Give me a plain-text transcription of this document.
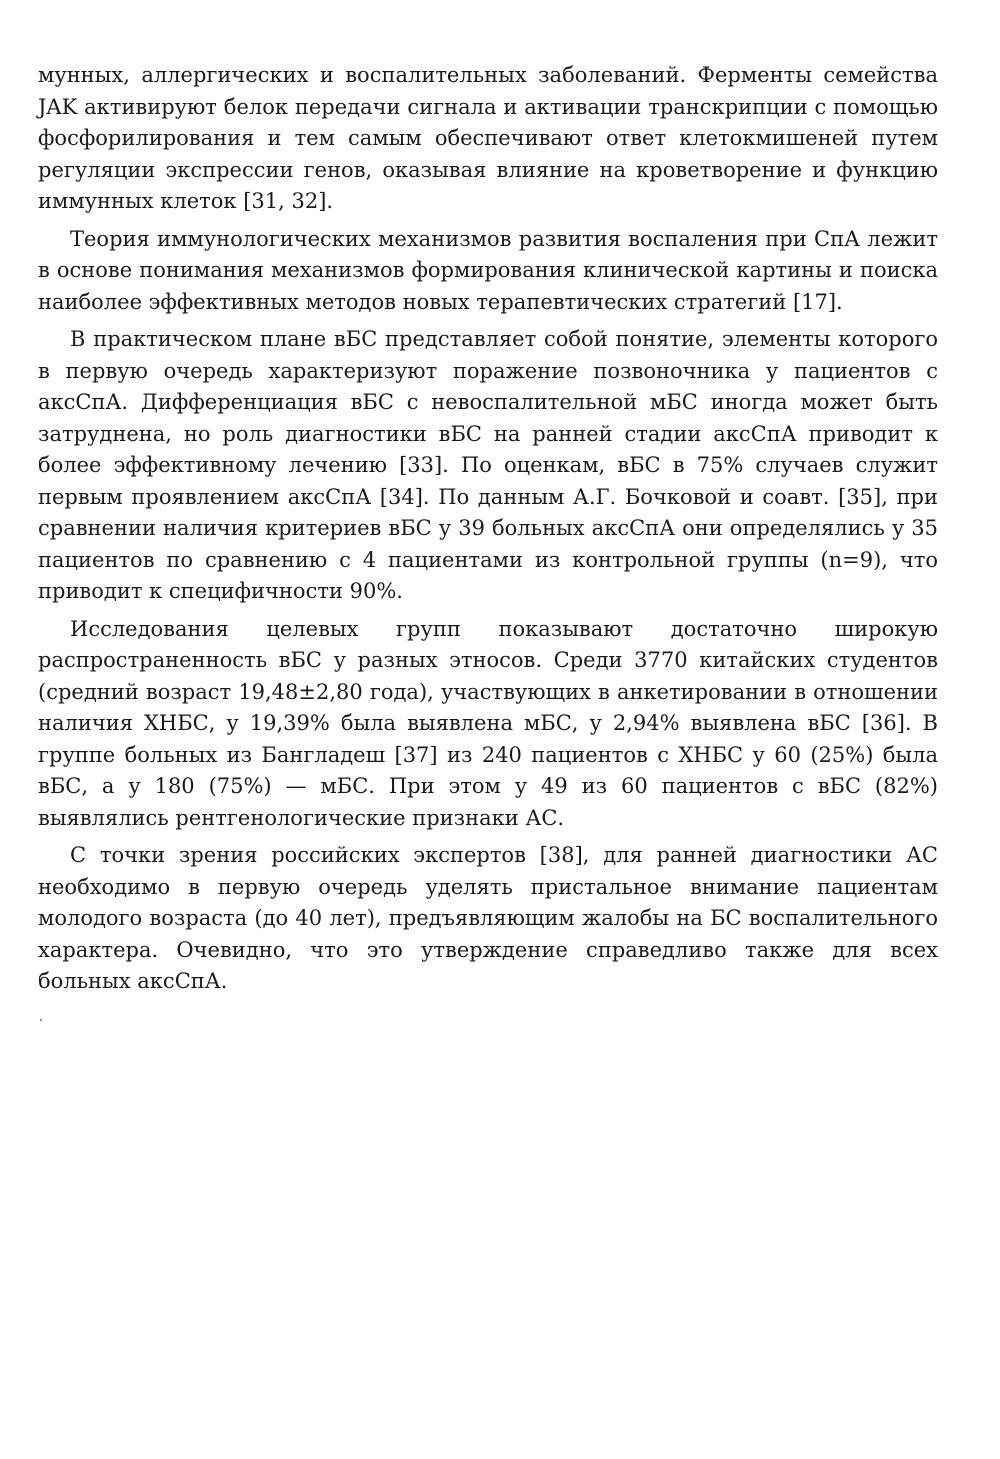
мунных, аллергических и воспалительных заболеваний. Ферменты семейства JAK активируют белок передачи сигнала и активации транскрипции с помощью фосфорилирования и тем самым обеспечивают ответ клетокмишеней путем регуляции экспрессии генов, оказывая влияние на кроветворение и функцию иммунных клеток [31, 32].

Теория иммунологических механизмов развития воспаления при СпА лежит в основе понимания механизмов формирования клинической картины и поиска наиболее эффективных методов новых терапевтических стратегий [17].

В практическом плане вБС представляет собой понятие, элементы которого в первую очередь характеризуют поражение позвоночника у пациентов с аксСпА. Дифференциация вБС с невоспалительной мБС иногда может быть затруднена, но роль диагностики вБС на ранней стадии аксСпА приводит к более эффективному лечению [33]. По оценкам, вБС в 75% случаев служит первым проявлением аксСпА [34]. По данным А.Г. Бочковой и соавт. [35], при сравнении наличия критериев вБС у 39 больных аксСпА они определялись у 35 пациентов по сравнению с 4 пациентами из контрольной группы (n=9), что приводит к специфичности 90%.

Исследования целевых групп показывают достаточно широкую распространенность вБС у разных этносов. Среди 3770 китайских студентов (средний возраст 19,48±2,80 года), участвующих в анкетировании в отношении наличия ХНБС, у 19,39% была выявлена мБС, у 2,94% выявлена вБС [36]. В группе больных из Бангладеш [37] из 240 пациентов с ХНБС у 60 (25%) была вБС, а у 180 (75%) — мБС. При этом у 49 из 60 пациентов с вБС (82%) выявлялись рентгенологические признаки АС.

С точки зрения российских экспертов [38], для ранней диагностики АС необходимо в первую очередь уделять пристальное внимание пациентам молодого возраста (до 40 лет), предъявляющим жалобы на БС воспалительного характера. Очевидно, что это утверждение справедливо также для всех больных аксСпА.
